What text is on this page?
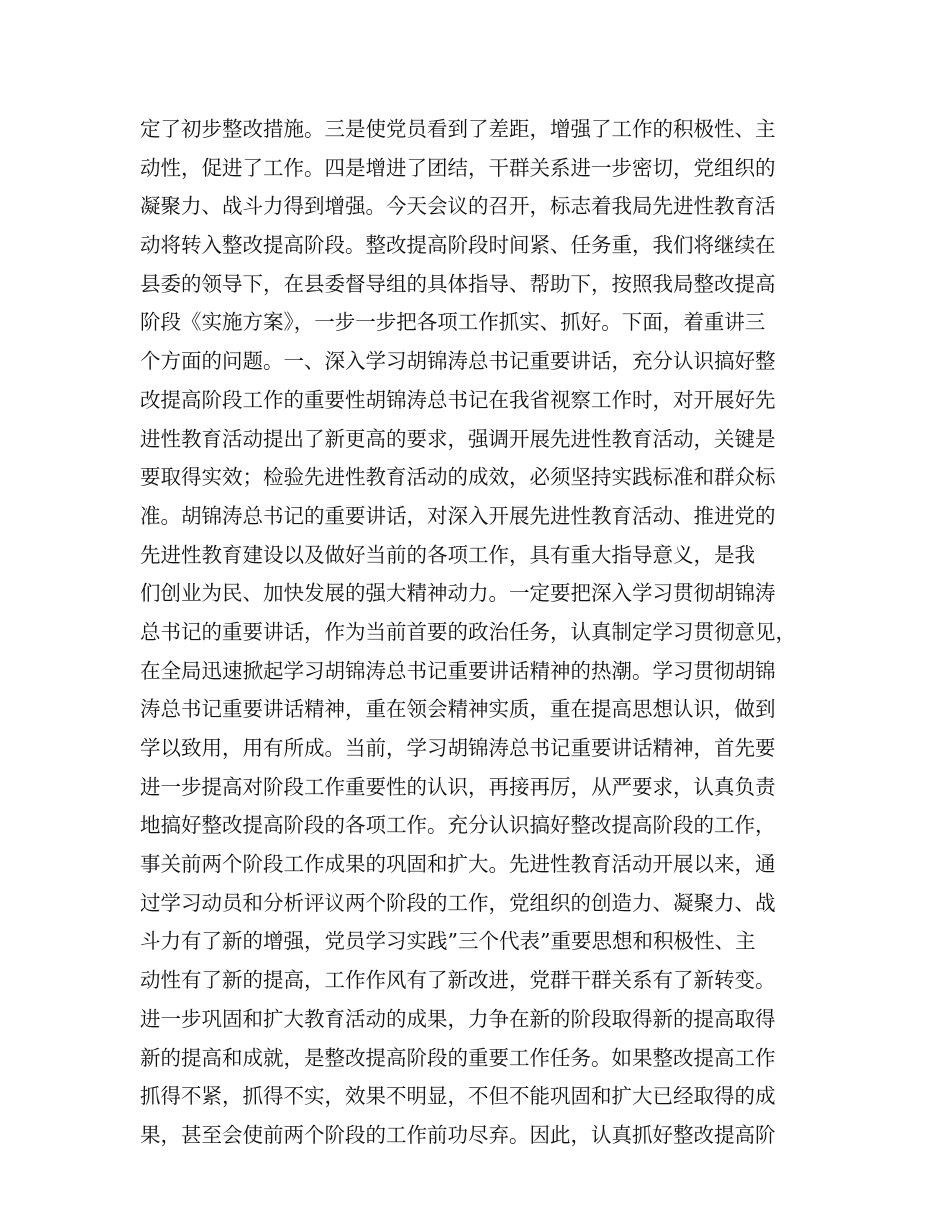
定了初步整改措施。三是使党员看到了差距，增强了工作的积极性、主
动性，促进了工作。四是增进了团结，干群关系进一步密切，党组织的
凝聚力、战斗力得到增强。今天会议的召开，标志着我局先进性教育活
动将转入整改提高阶段。整改提高阶段时间紧、任务重，我们将继续在
县委的领导下，在县委督导组的具体指导、帮助下，按照我局整改提高
阶段《实施方案》，一步一步把各项工作抓实、抓好。下面，着重讲三
个方面的问题。一、深入学习胡锦涛总书记重要讲话，充分认识搞好整
改提高阶段工作的重要性胡锦涛总书记在我省视察工作时，对开展好先
进性教育活动提出了新更高的要求，强调开展先进性教育活动，关键是
要取得实效；检验先进性教育活动的成效，必须坚持实践标准和群众标
准。胡锦涛总书记的重要讲话，对深入开展先进性教育活动、推进党的
先进性教育建设以及做好当前的各项工作，具有重大指导意义，是我
们创业为民、加快发展的强大精神动力。一定要把深入学习贯彻胡锦涛
总书记的重要讲话，作为当前首要的政治任务，认真制定学习贯彻意见，
在全局迅速掀起学习胡锦涛总书记重要讲话精神的热潮。学习贯彻胡锦
涛总书记重要讲话精神，重在领会精神实质，重在提高思想认识，做到
学以致用，用有所成。当前，学习胡锦涛总书记重要讲话精神，首先要
进一步提高对阶段工作重要性的认识，再接再厉，从严要求，认真负责
地搞好整改提高阶段的各项工作。充分认识搞好整改提高阶段的工作，
事关前两个阶段工作成果的巩固和扩大。先进性教育活动开展以来，通
过学习动员和分析评议两个阶段的工作，党组织的创造力、凝聚力、战
斗力有了新的增强，党员学习实践”三个代表”重要思想和积极性、主
动性有了新的提高，工作作风有了新改进，党群干群关系有了新转变。
进一步巩固和扩大教育活动的成果，力争在新的阶段取得新的提高取得
新的提高和成就，是整改提高阶段的重要工作任务。如果整改提高工作
抓得不紧，抓得不实，效果不明显，不但不能巩固和扩大已经取得的成
果，甚至会使前两个阶段的工作前功尽弃。因此，认真抓好整改提高阶
